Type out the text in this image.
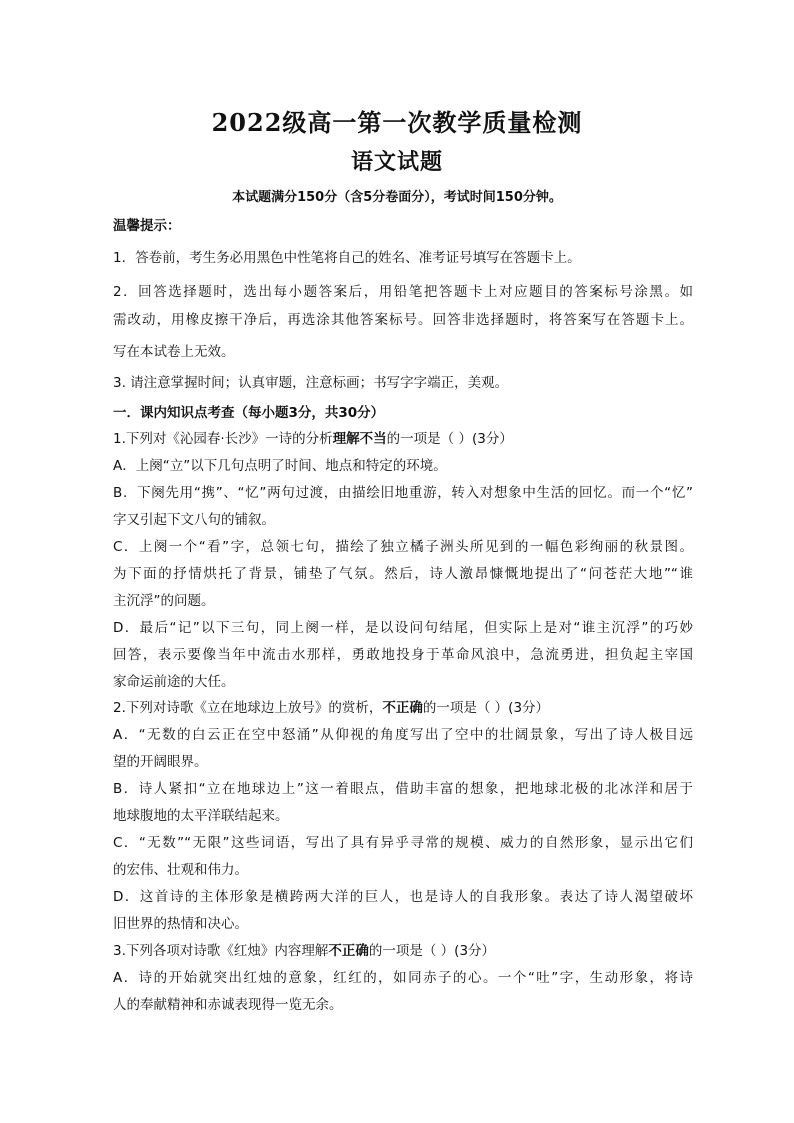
2022级高一第一次教学质量检测
语文试题
本试题满分150分（含5分卷面分），考试时间150分钟。
温馨提示：
1．答卷前，考生务必用黑色中性笔将自己的姓名、准考证号填写在答题卡上。
2．回答选择题时，选出每小题答案后，用铅笔把答题卡上对应题目的答案标号涂黑。如
需改动，用橡皮擦干净后，再选涂其他答案标号。回答非选择题时，将答案写在答题卡上。
写在本试卷上无效。
3. 请注意掌握时间；认真审题，注意标画；书写字字端正，美观。
一．课内知识点考查（每小题3分，共30分）
1.下列对《沁园春·长沙》一诗的分析理解不当的一项是（ ）(3分）
A．上阕“立”以下几句点明了时间、地点和特定的环境。
B．下阕先用“携”、“忆”两句过渡，由描绘旧地重游，转入对想象中生活的回忆。而一个“忆”
字又引起下文八句的铺叙。
C．上阕一个“看”字，总领七句，描绘了独立橘子洲头所见到的一幅色彩绚丽的秋景图。
为下面的抒情烘托了背景，铺垫了气氛。然后，诗人激昂慷慨地提出了“问苍茫大地”“谁
主沉浮”的问题。
D．最后“记”以下三句，同上阕一样，是以设问句结尾，但实际上是对“谁主沉浮”的巧妙
回答，表示要像当年中流击水那样，勇敢地投身于革命风浪中，急流勇进，担负起主宰国
家命运前途的大任。
2.下列对诗歌《立在地球边上放号》的赏析，不正确的一项是（ ）(3分）
A．“无数的白云正在空中怒涌”从仰视的角度写出了空中的壮阔景象，写出了诗人极目远
望的开阔眼界。
B．诗人紧扣“立在地球边上”这一着眼点，借助丰富的想象，把地球北极的北冰洋和居于
地球腹地的太平洋联结起来。
C．“无数”“无限”这些词语，写出了具有异乎寻常的规模、威力的自然形象，显示出它们
的宏伟、壮观和伟力。
D．这首诗的主体形象是横跨两大洋的巨人，也是诗人的自我形象。表达了诗人渴望破坏
旧世界的热情和决心。
3.下列各项对诗歌《红烛》内容理解不正确的一项是（ ）(3分）
A．诗的开始就突出红烛的意象，红红的，如同赤子的心。一个“吐”字，生动形象，将诗
人的奉献精神和赤诚表现得一览无余。
